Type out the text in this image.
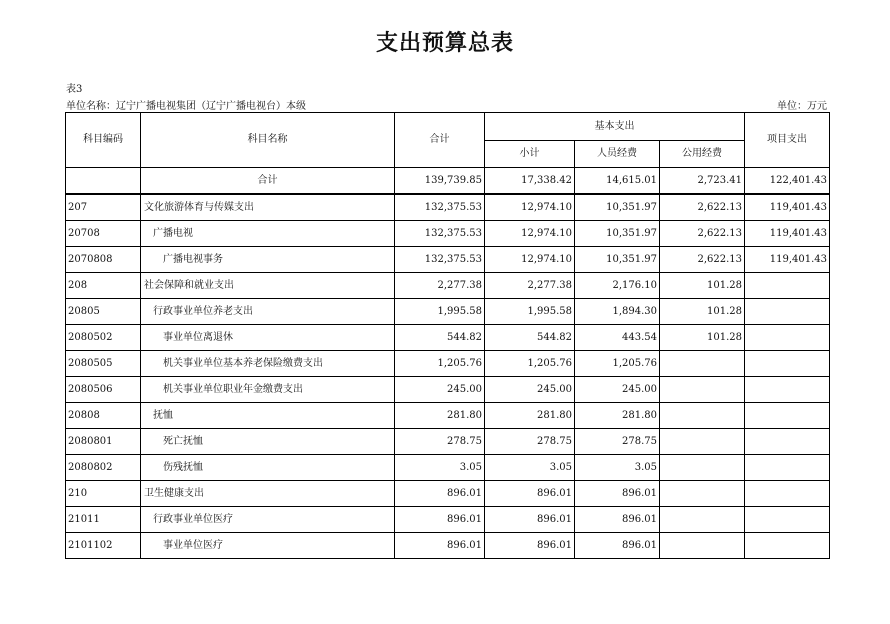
支出预算总表
表3
单位名称：辽宁广播电视集团（辽宁广播电视台）本级	单位：万元
科目编码	科目名称	合计	基本支出			项目支出
			小计	人员经费	公用经费	
	合计	139,739.85	17,338.42	14,615.01	2,723.41	122,401.43
207	文化旅游体育与传媒支出	132,375.53	12,974.10	10,351.97	2,622.13	119,401.43
20708	广播电视	132,375.53	12,974.10	10,351.97	2,622.13	119,401.43
2070808	广播电视事务	132,375.53	12,974.10	10,351.97	2,622.13	119,401.43
208	社会保障和就业支出	2,277.38	2,277.38	2,176.10	101.28	
20805	行政事业单位养老支出	1,995.58	1,995.58	1,894.30	101.28	
2080502	事业单位离退休	544.82	544.82	443.54	101.28	
2080505	机关事业单位基本养老保险缴费支出	1,205.76	1,205.76	1,205.76		
2080506	机关事业单位职业年金缴费支出	245.00	245.00	245.00		
20808	抚恤	281.80	281.80	281.80		
2080801	死亡抚恤	278.75	278.75	278.75		
2080802	伤残抚恤	3.05	3.05	3.05		
210	卫生健康支出	896.01	896.01	896.01		
21011	行政事业单位医疗	896.01	896.01	896.01		
2101102	事业单位医疗	896.01	896.01	896.01		
